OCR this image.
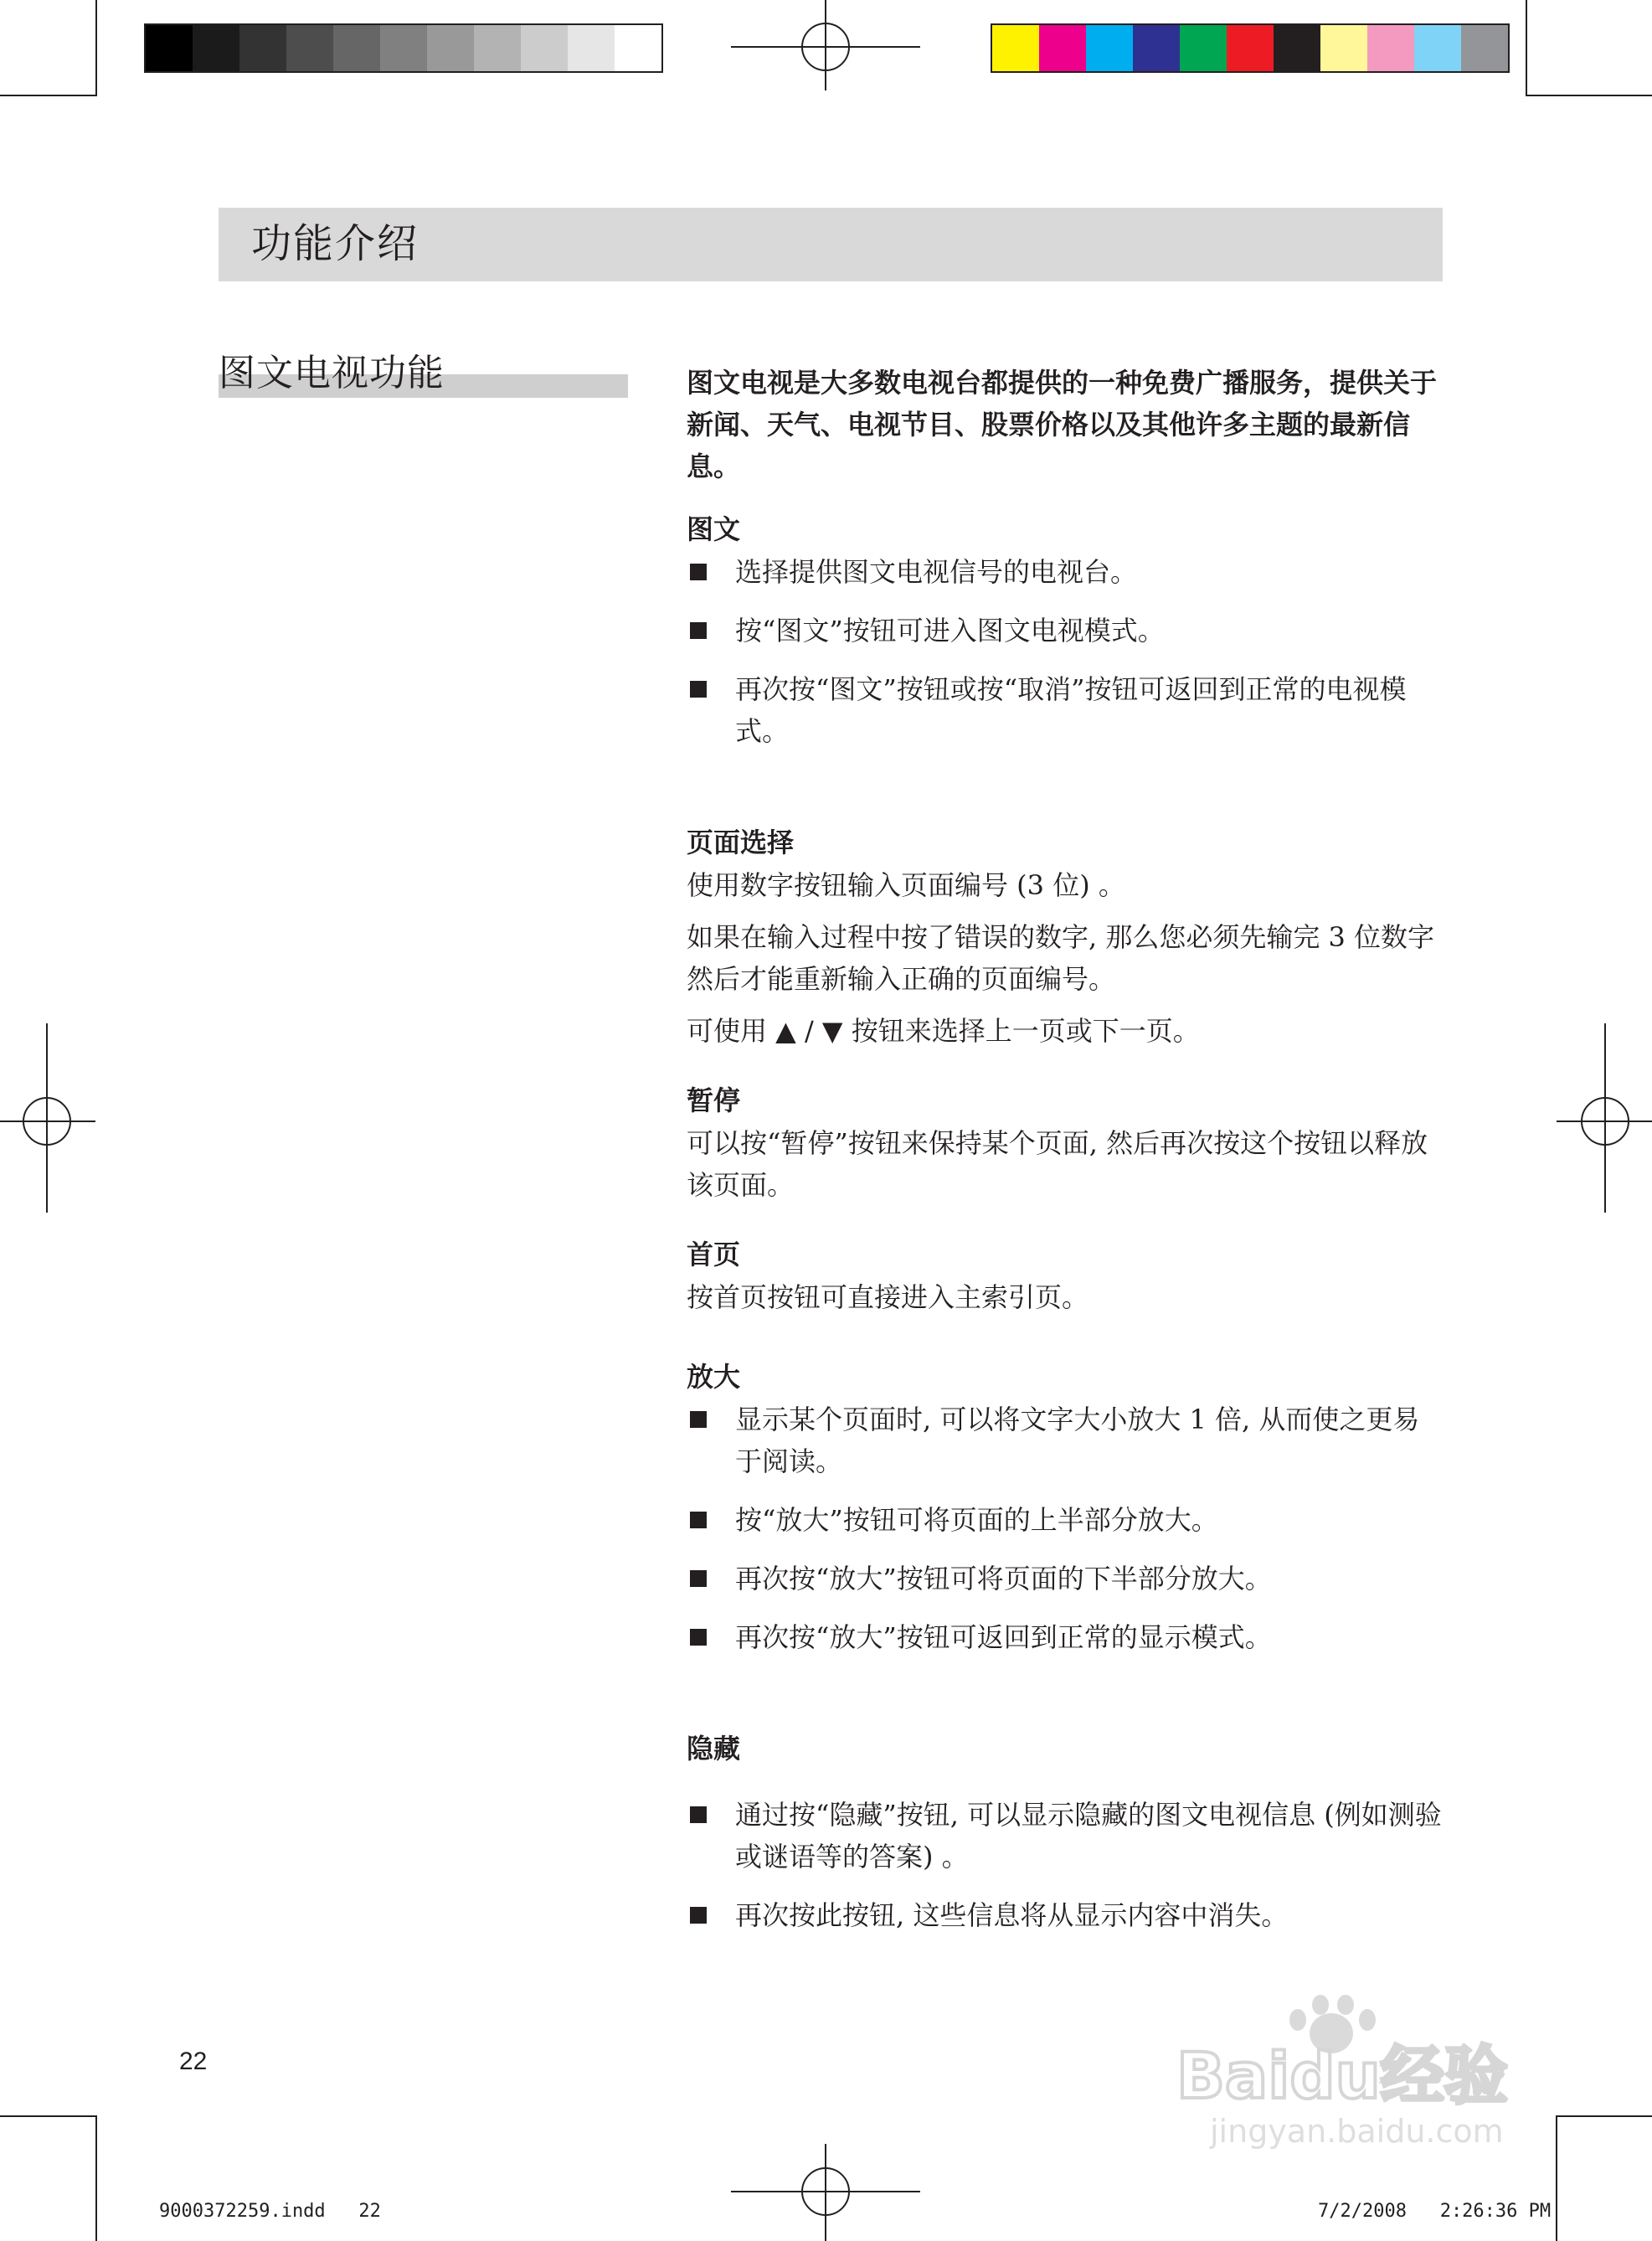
功能介绍
图文电视功能	图文电视是大多数电视台都提供的一种免费广播服务，提供关于新闻、天气、电视节目、股票价格以及其他许多主题的最新信息。

图文
选择提供图文电视信号的电视台。
按“图文”按钮可进入图文电视模式。
再次按“图文”按钮或按“取消”按钮可返回到正常的电视模式。
页面选择

使用数字按钮输入页面编号 (3 位) 。

如果在输入过程中按了错误的数字, 那么您必须先输完 3 位数字然后才能重新输入正确的页面编号。

可使用 ▲ / ▼ 按钮来选择上一页或下一页。

暂停

可以按“暂停”按钮来保持某个页面, 然后再次按这个按钮以释放该页面。

首页

按首页按钮可直接进入主索引页。

放大
显示某个页面时, 可以将文字大小放大 1 倍, 从而使之更易于阅读。
按“放大”按钮可将页面的上半部分放大。
再次按“放大”按钮可将页面的下半部分放大。
再次按“放大”按钮可返回到正常的显示模式。
隐藏
通过按“隐藏”按钮, 可以显示隐藏的图文电视信息 (例如测验或谜语等的答案) 。
再次按此按钮, 这些信息将从显示内容中消失。
22
9000372259.indd   22	7/2/2008   2:26:36 PM
Baidu经验
jingyan.baidu.com
